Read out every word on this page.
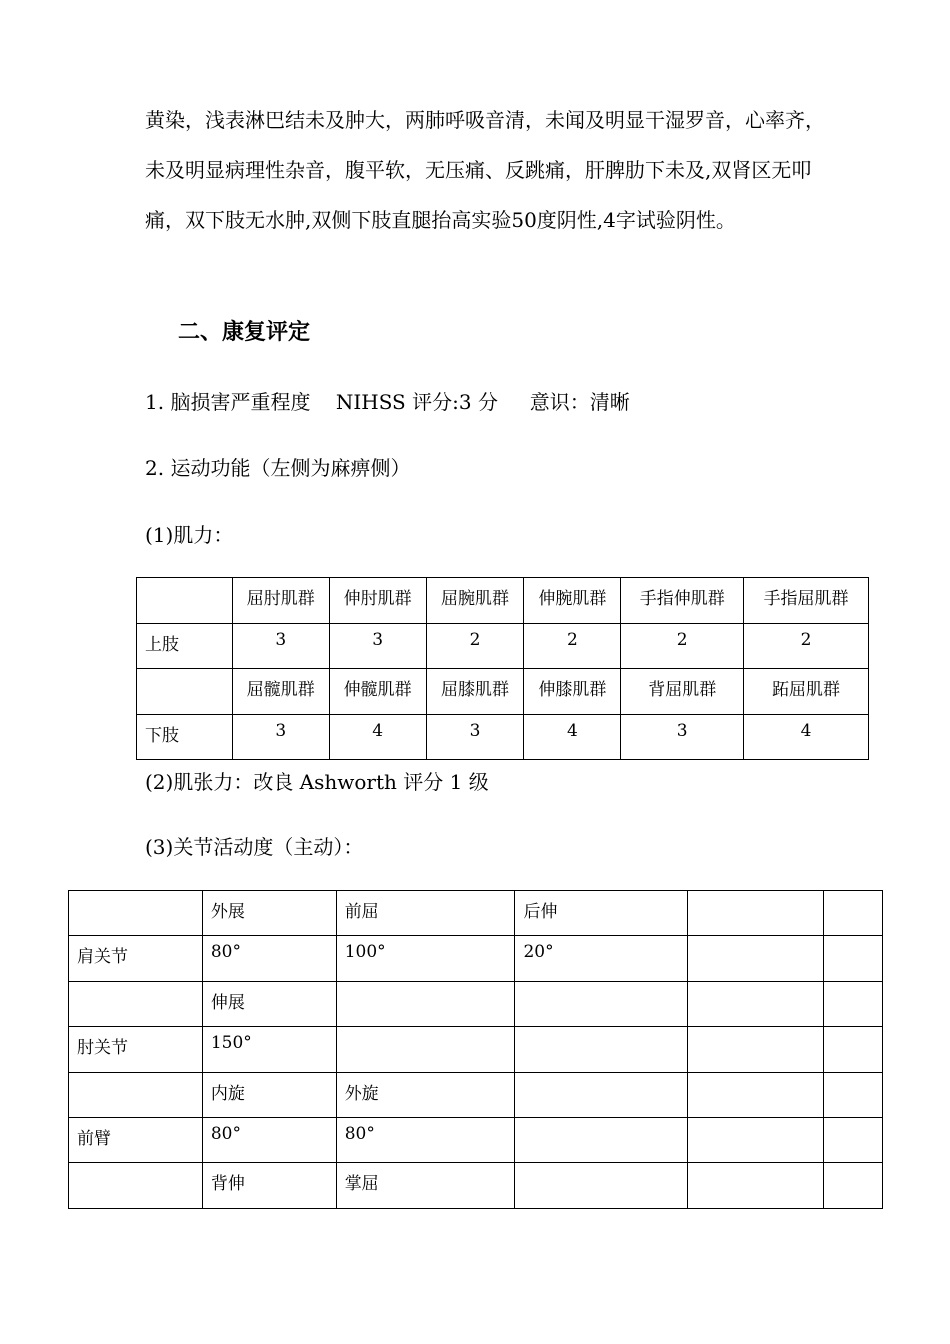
黄染，浅表淋巴结未及肿大，两肺呼吸音清，未闻及明显干湿罗音，心率齐，未及明显病理性杂音，腹平软，无压痛、反跳痛，肝脾肋下未及,双肾区无叩痛，双下肢无水肿,双侧下肢直腿抬高实验50度阴性,4字试验阴性。

二、康复评定
1. 脑损害严重程度    NIHSS 评分:3 分     意识：清晰
2. 运动功能（左侧为麻痹侧）
(1)肌力：
	屈肘肌群	伸肘肌群	屈腕肌群	伸腕肌群	手指伸肌群	手指屈肌群
上肢	3	3	2	2	2	2
	屈髋肌群	伸髋肌群	屈膝肌群	伸膝肌群	背屈肌群	跖屈肌群
下肢	3	4	3	4	3	4
(2)肌张力：改良 Ashworth 评分 1 级
(3)关节活动度（主动）：
	外展	前屈	后伸		
肩关节	80°	100°	20°		
	伸展				
肘关节	150°				
	内旋	外旋			
前臂	80°	80°			
	背伸	掌屈			
